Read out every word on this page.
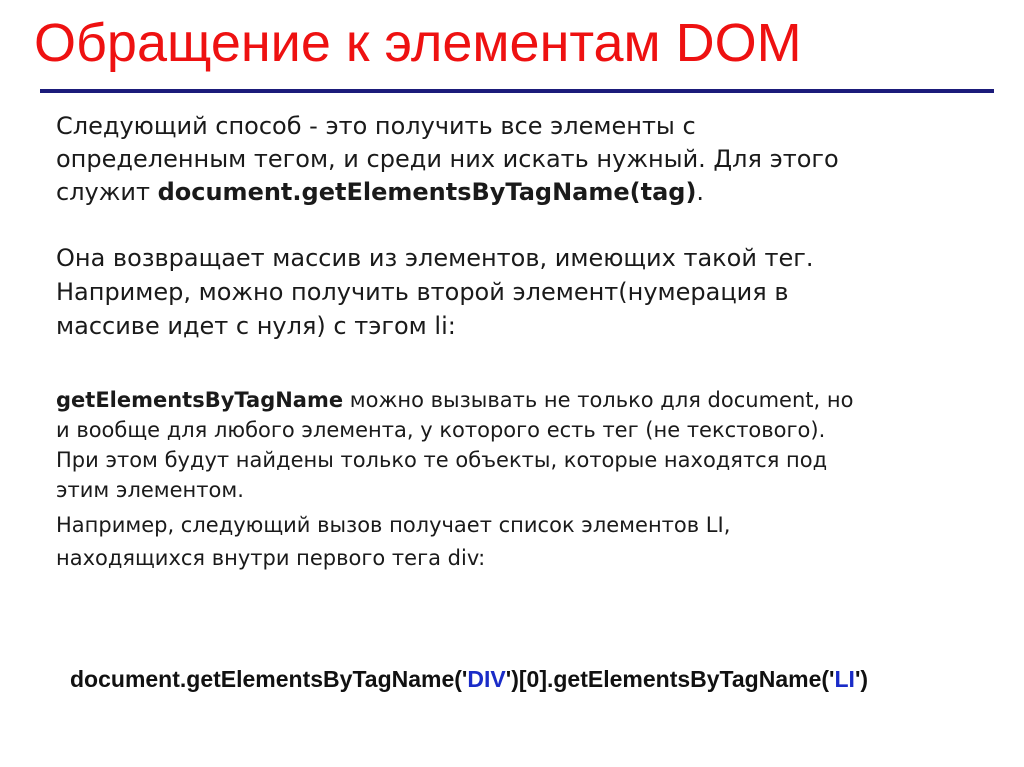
Обращение к элементам DOM

Следующий способ - это получить все элементы с
определенным тегом, и среди них искать нужный. Для этого
служит document.getElementsByTagName(tag).

Она возвращает массив из элементов, имеющих такой тег.
Например, можно получить второй элемент(нумерация в
массиве идет с нуля) с тэгом li:

getElementsByTagName можно вызывать не только для document, но
и вообще для любого элемента, у которого есть тег (не текстового).
При этом будут найдены только те объекты, которые находятся под
этим элементом.

Например, следующий вызов получает список элементов LI,
находящихся внутри первого тега div:

document.getElementsByTagName('DIV')[0].getElementsByTagName('LI')
